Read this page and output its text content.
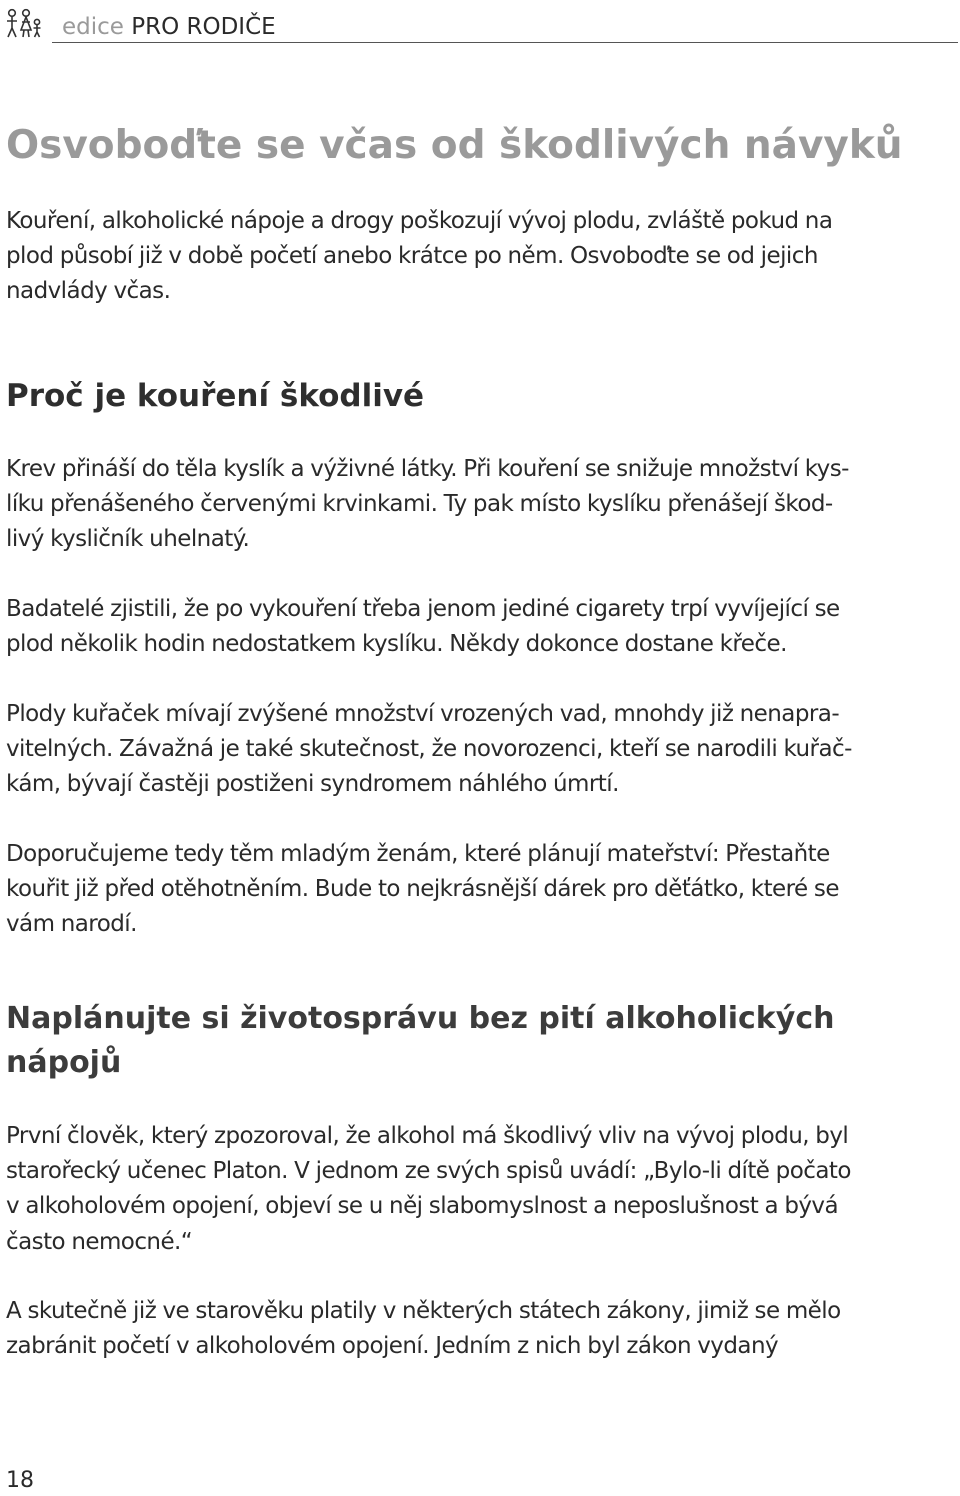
edice PRO RODIČE
Osvoboďte se včas od škodlivých návyků
Kouření, alkoholické nápoje a drogy poškozují vývoj plodu, zvláště pokud na
plod působí již v době početí anebo krátce po něm. Osvoboďte se od jejich
nadvlády včas.
Proč je kouření škodlivé
Krev přináší do těla kyslík a výživné látky. Při kouření se snižuje množství kys-
líku přenášeného červenými krvinkami. Ty pak místo kyslíku přenášejí škod-
livý kysličník uhelnatý.
Badatelé zjistili, že po vykouření třeba jenom jediné cigarety trpí vyvíjející se
plod několik hodin nedostatkem kyslíku. Někdy dokonce dostane křeče.
Plody kuřaček mívají zvýšené množství vrozených vad, mnohdy již nenapra-
vitelných. Závažná je také skutečnost, že novorozenci, kteří se narodili kuřač-
kám, bývají častěji postiženi syndromem náhlého úmrtí.
Doporučujeme tedy těm mladým ženám, které plánují mateřství: Přestaňte
kouřit již před otěhotněním. Bude to nejkrásnější dárek pro děťátko, které se
vám narodí.
Naplánujte si životosprávu bez pití alkoholických
nápojů
První člověk, který zpozoroval, že alkohol má škodlivý vliv na vývoj plodu, byl
starořecký učenec Platon. V jednom ze svých spisů uvádí: „Bylo-li dítě počato
v alkoholovém opojení, objeví se u něj slabomyslnost a neposlušnost a bývá
často nemocné.“
A skutečně již ve starověku platily v některých státech zákony, jimiž se mělo
zabránit početí v alkoholovém opojení. Jedním z nich byl zákon vydaný
18
